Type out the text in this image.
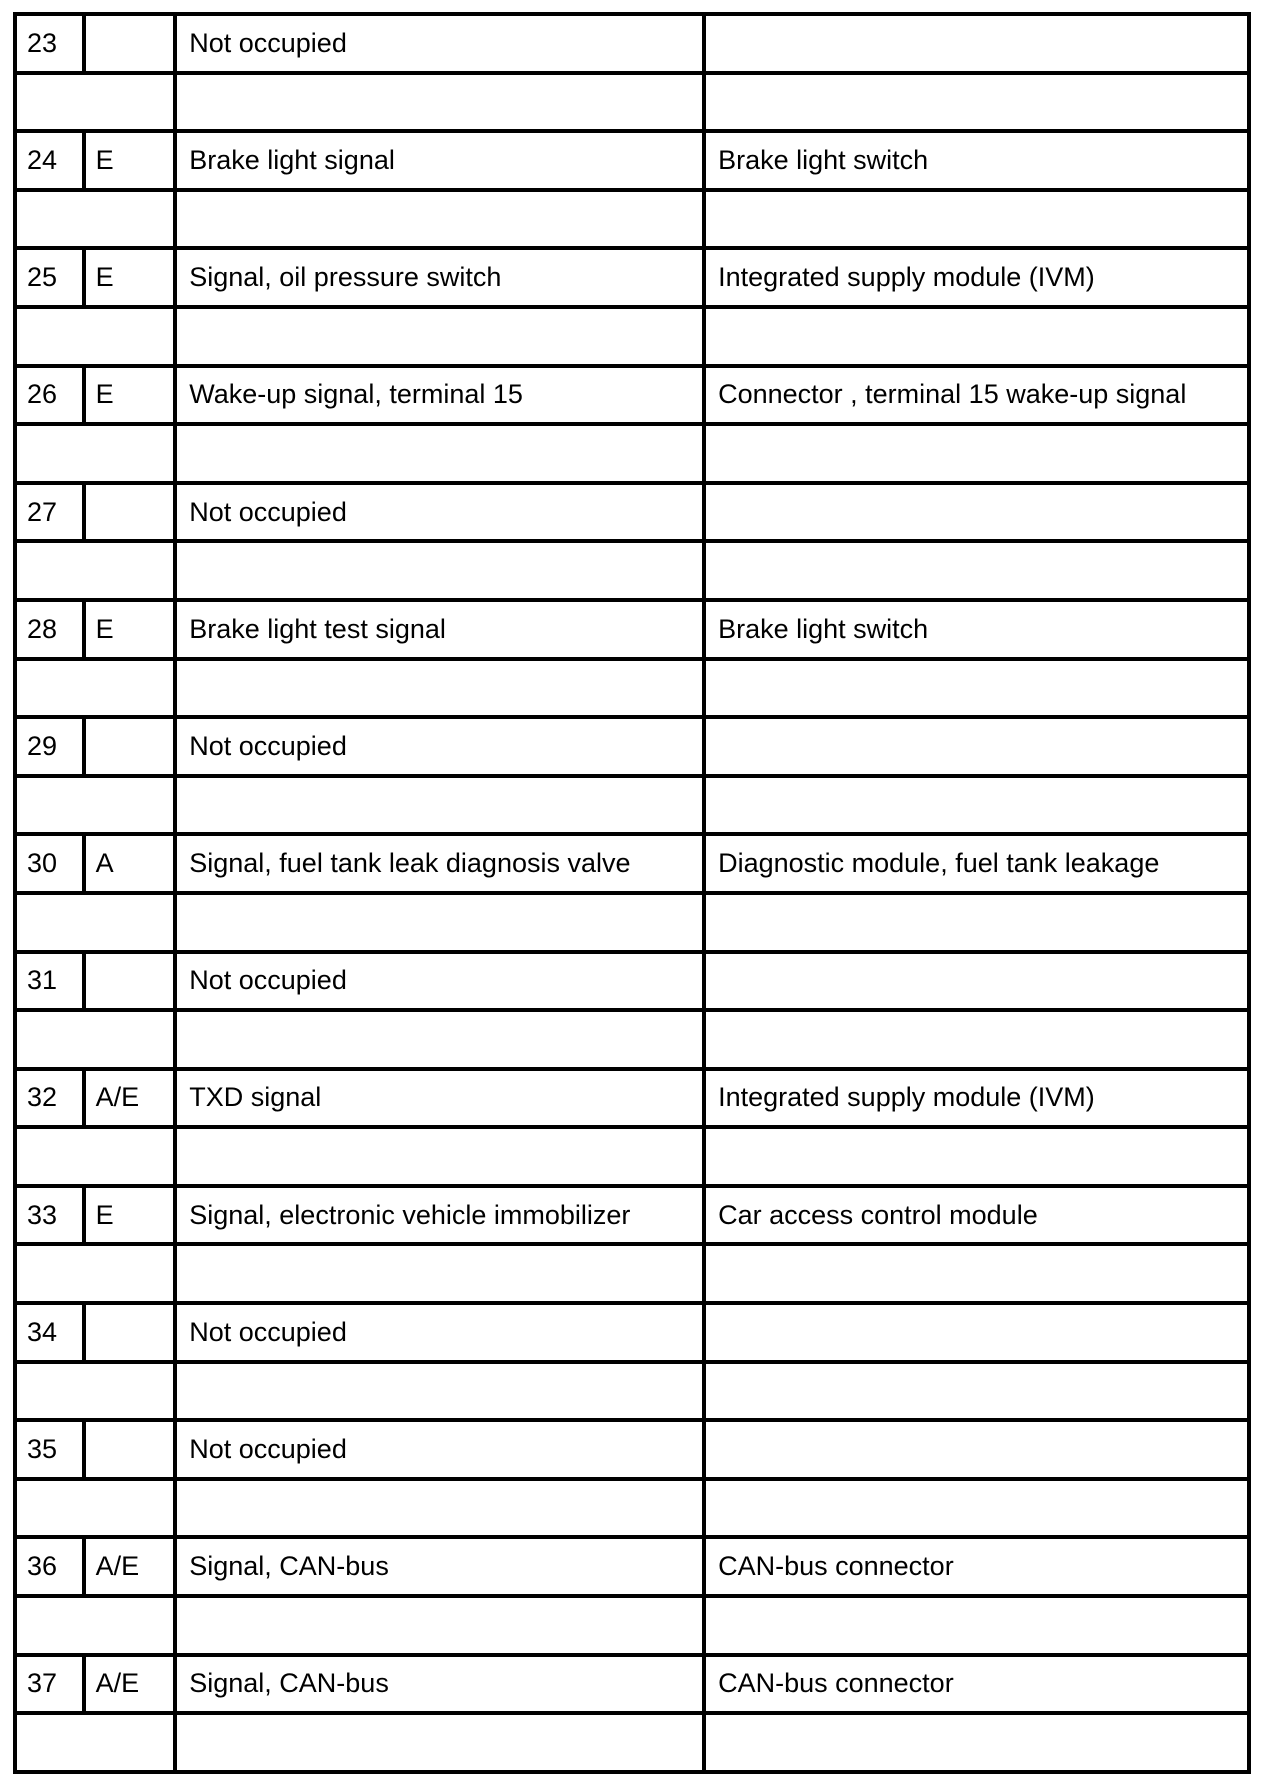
23		Not occupied	

24	E	Brake light signal	Brake light switch

25	E	Signal, oil pressure switch	Integrated supply module (IVM)

26	E	Wake-up signal, terminal 15	Connector , terminal 15 wake-up signal

27		Not occupied	

28	E	Brake light test signal	Brake light switch

29		Not occupied	

30	A	Signal, fuel tank leak diagnosis valve	Diagnostic module, fuel tank leakage

31		Not occupied	

32	A/E	TXD signal	Integrated supply module (IVM)

33	E	Signal, electronic vehicle immobilizer	Car access control module

34		Not occupied	

35		Not occupied	

36	A/E	Signal, CAN-bus	CAN-bus connector

37	A/E	Signal, CAN-bus	CAN-bus connector
